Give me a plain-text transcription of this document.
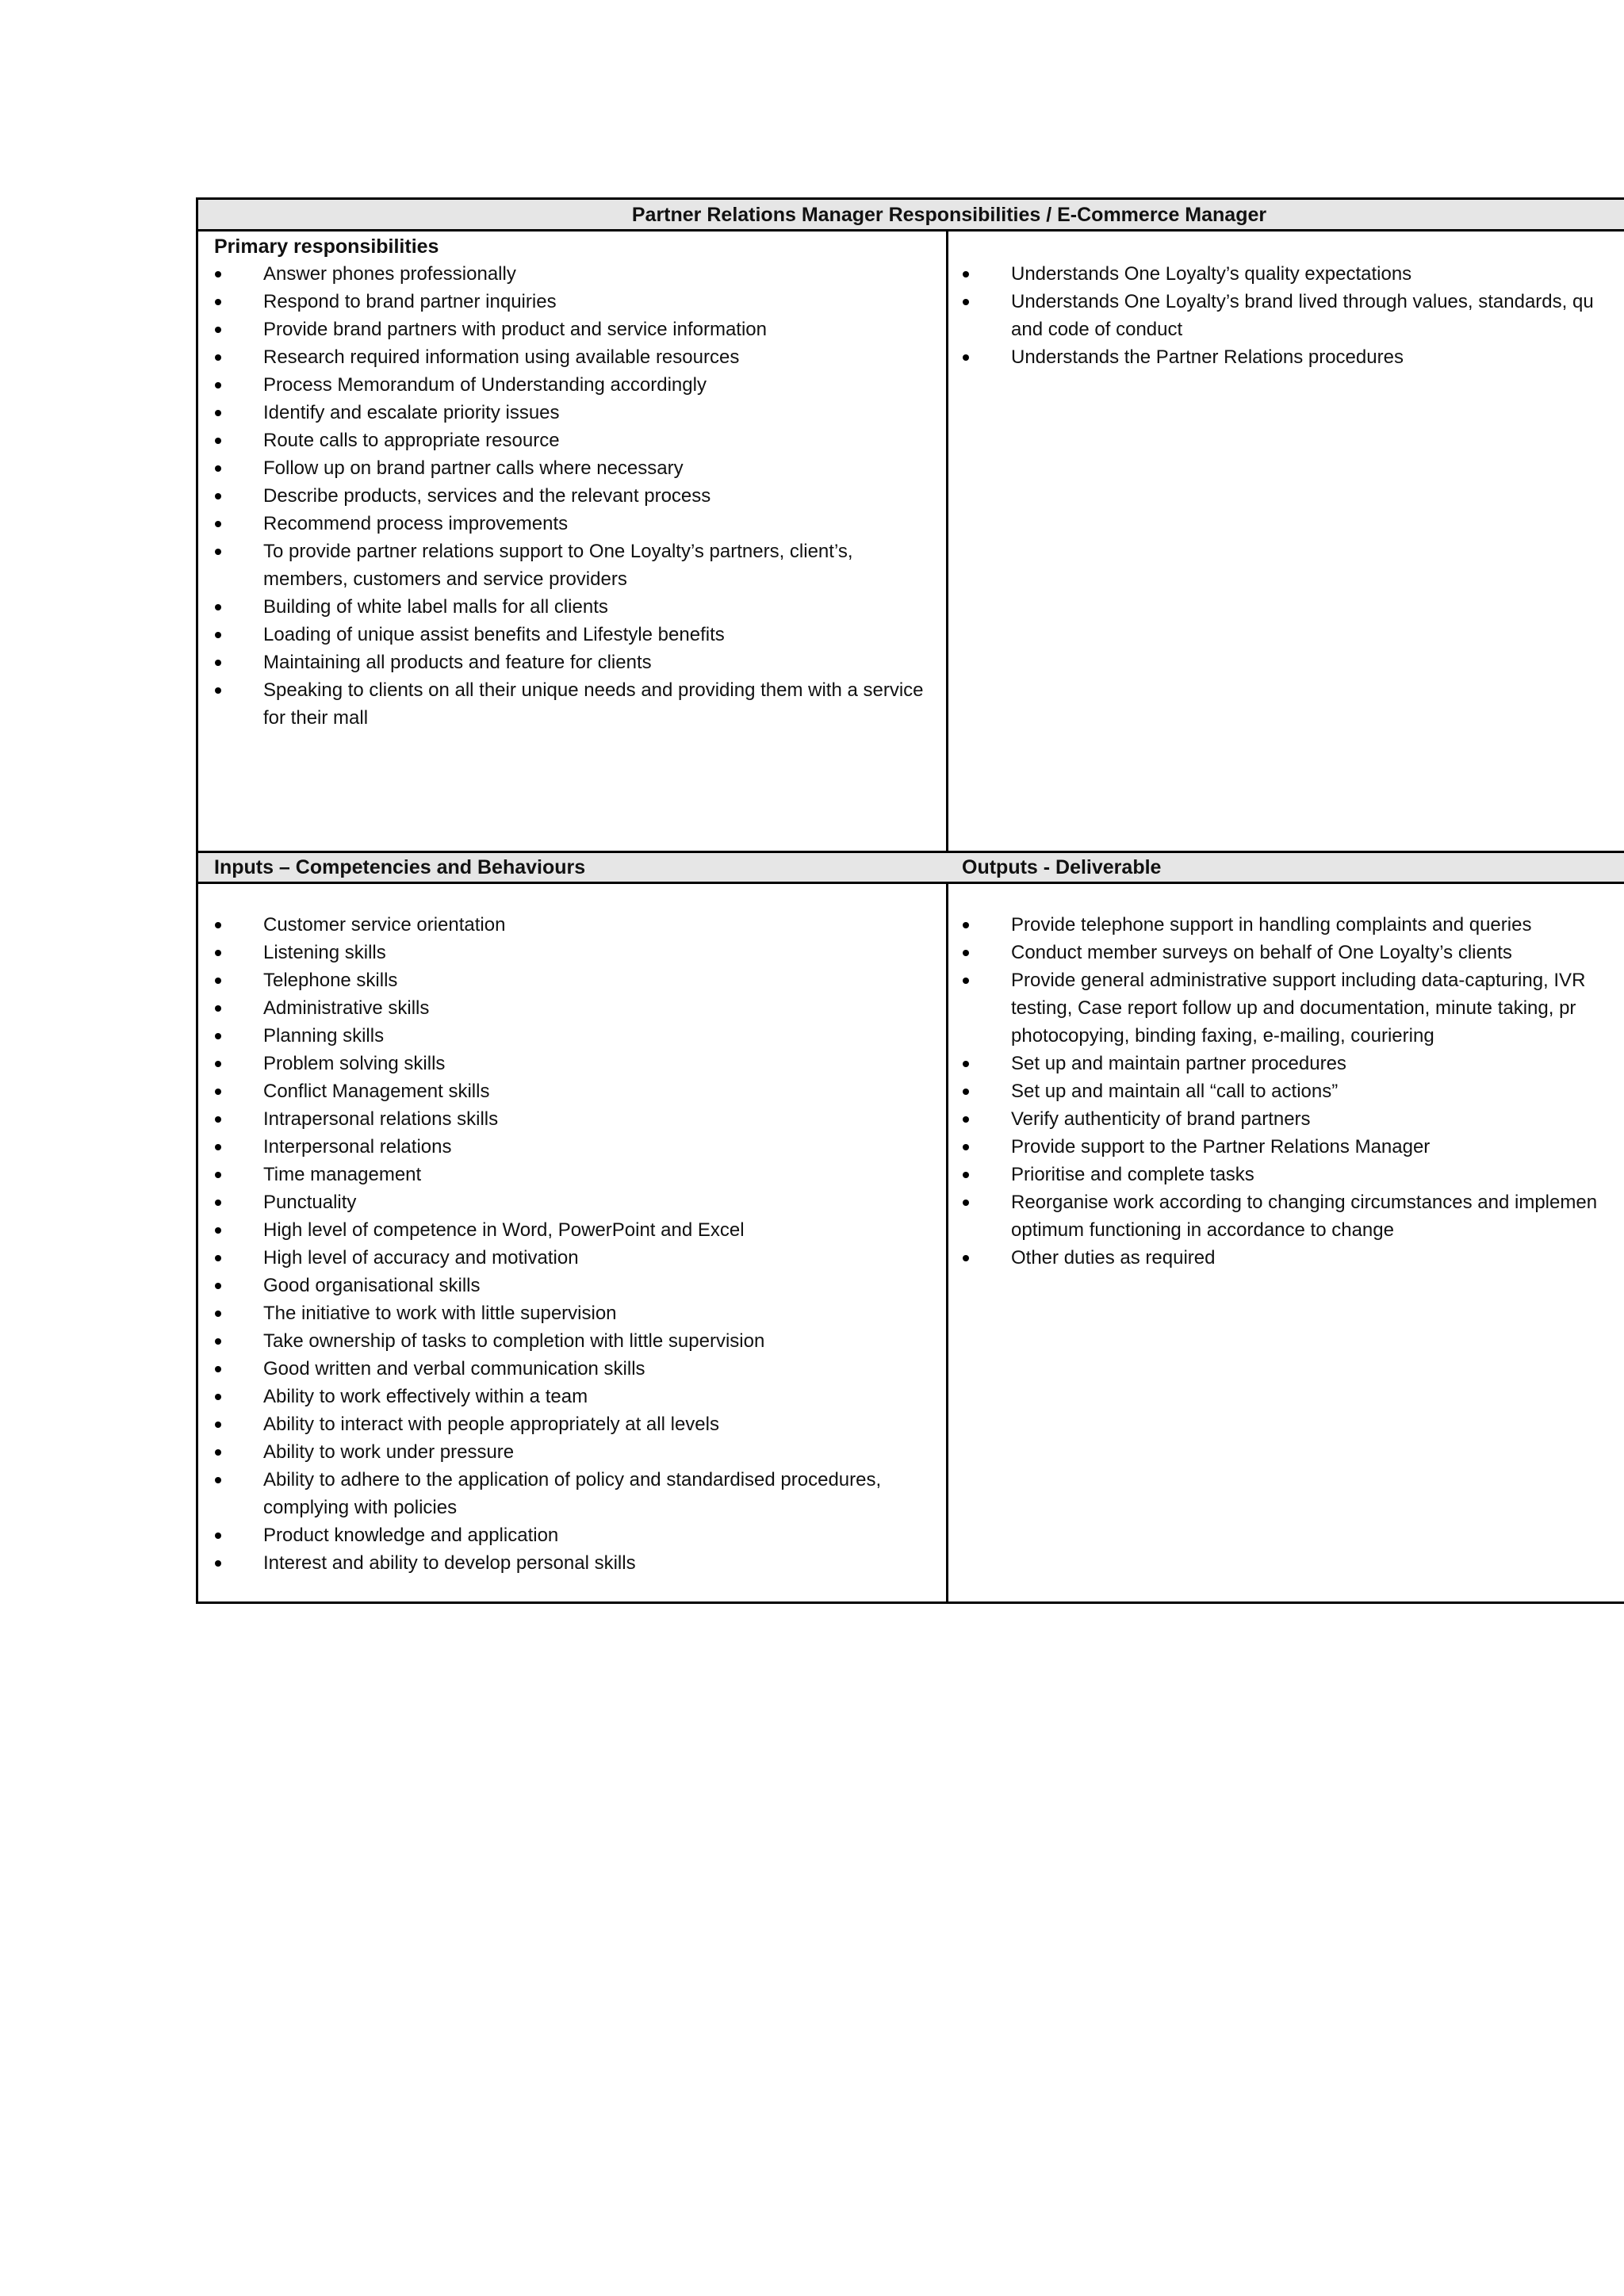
Partner Relations Manager Responsibilities / E-Commerce Manager
Primary responsibilities
Answer phones professionally
Respond to brand partner inquiries
Provide brand partners with product and service information
Research required information using available resources
Process Memorandum of Understanding accordingly
Identify and escalate priority issues
Route calls to appropriate resource
Follow up on brand partner calls where necessary
Describe products, services and the relevant process
Recommend process improvements
To provide partner relations support to One Loyalty’s partners, client’s, members, customers and service providers
Building of white label malls for all clients
Loading of unique assist benefits and Lifestyle benefits
Maintaining all products and feature for clients
Speaking to clients on all their unique needs and providing them with a service for their mall
Understands One Loyalty’s quality expectations
Understands One Loyalty’s brand lived through values, standards, qu
and code of conduct
Understands the Partner Relations procedures
Inputs – Competencies and Behaviours	Outputs - Deliverable
Customer service orientation
Listening skills
Telephone skills
Administrative skills
Planning skills
Problem solving skills
Conflict Management skills
Intrapersonal relations skills
Interpersonal relations
Time management
Punctuality
High level of competence in Word, PowerPoint and Excel
High level of accuracy and motivation
Good organisational skills
The initiative to work with little supervision
Take ownership of tasks to completion with little supervision
Good written and verbal communication skills
Ability to work effectively within a team
Ability to interact with people appropriately at all levels
Ability to work under pressure
Ability to adhere to the application of policy and standardised procedures, complying with policies
Product knowledge and application
Interest and ability to develop personal skills
Provide telephone support in handling complaints and queries
Conduct member surveys on behalf of One Loyalty’s clients
Provide general administrative support including data-capturing, IVR
testing, Case report follow up and documentation, minute taking, pr
photocopying, binding faxing, e-mailing, couriering
Set up and maintain partner procedures
Set up and maintain all “call to actions”
Verify authenticity of brand partners
Provide support to the Partner Relations Manager
Prioritise and complete tasks
Reorganise work according to changing circumstances and implemen
optimum functioning in accordance to change
Other duties as required
